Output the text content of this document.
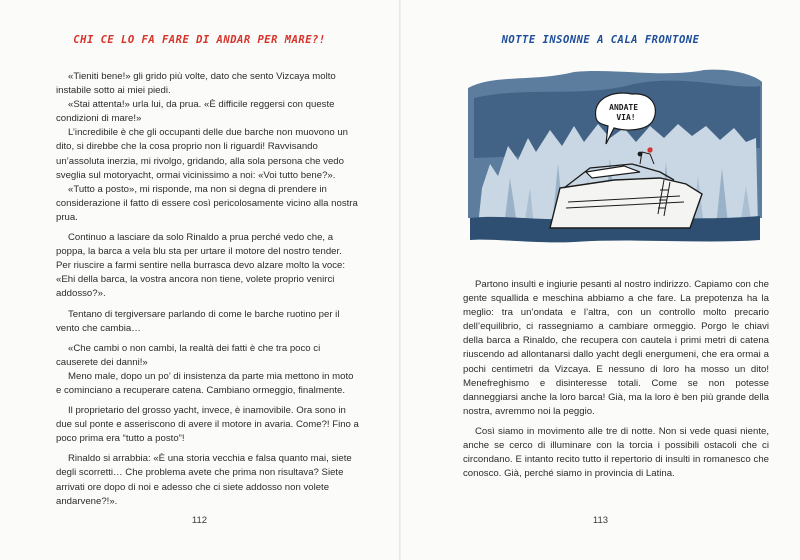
CHI CE LO FA FARE DI ANDAR PER MARE?!

«Tieniti bene!» gli grido più volte, dato che sento Vizcaya molto instabile sotto ai miei piedi.

«Stai attenta!» urla lui, da prua. «È difficile reggersi con queste condizioni di mare!»

L’incredibile è che gli occupanti delle due barche non muovono un dito, si direbbe che la cosa proprio non li riguardi! Ravvisando un’assoluta inerzia, mi rivolgo, gridando, alla sola persona che vedo sveglia sul motoryacht, ormai vicinissimo a noi: «Voi tutto bene?».

«Tutto a posto», mi risponde, ma non si degna di prendere in considerazione il fatto di essere così pericolosamente vicino alla nostra prua.

Continuo a lasciare da solo Rinaldo a prua perché vedo che, a poppa, la barca a vela blu sta per urtare il motore del nostro tender. Per riuscire a farmi sentire nella burrasca devo alzare molto la voce: «Ehi della barca, la vostra ancora non tiene, volete proprio venirci addosso?».

Tentano di tergiversare parlando di come le barche ruotino per il vento che cambia…

«Che cambi o non cambi, la realtà dei fatti è che tra poco ci causerete dei danni!»

Meno male, dopo un po’ di insistenza da parte mia mettono in moto e cominciano a recuperare catena. Cambiano ormeggio, finalmente.

Il proprietario del grosso yacht, invece, è inamovibile. Ora sono in due sul ponte e asseriscono di avere il motore in avaria. Come?! Fino a poco prima era “tutto a posto”!

Rinaldo si arrabbia: «È una storia vecchia e falsa quanto mai, siete degli scorretti… Che problema avete che prima non risultava? Siete arrivati ore dopo di noi e adesso che ci siete addosso non volete andarvene?!».

112
NOTTE INSONNE A CALA FRONTONE
ANDATE VIA!

Partono insulti e ingiurie pesanti al nostro indirizzo. Capiamo con che gente squallida e meschina abbiamo a che fare. La prepotenza ha la meglio: tra un’ondata e l’altra, con un controllo molto precario dell’equilibrio, ci rassegniamo a cambiare ormeggio. Porgo le chiavi della barca a Rinaldo, che recupera con cautela i primi metri di catena riuscendo ad allontanarsi dallo yacht degli energumeni, che era ormai a pochi centimetri da Vizcaya. E nessuno di loro ha mosso un dito! Menefreghismo e disinteresse totali. Come se non potesse danneggiarsi anche la loro barca! Già, ma la loro è ben più grande della nostra, avremmo noi la peggio.

Così siamo in movimento alle tre di notte. Non si vede quasi niente, anche se cerco di illuminare con la torcia i possibili ostacoli che ci circondano. E intanto recito tutto il repertorio di insulti in romanesco che conosco. Già, perché siamo in provincia di Latina.

113
